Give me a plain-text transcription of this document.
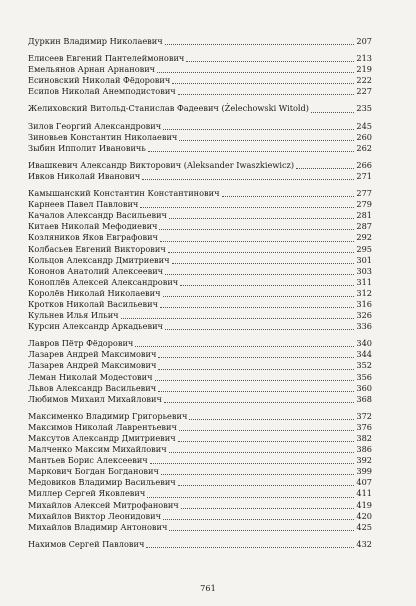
Дуркин Владимир Николаевич	207
Елисеев Евгений Пантелеймонович	213
Емельянов Арнан Арнанович	219
Есиновский Николай Фёдорович	222
Есипов Николай Анемподистович	227
Желиховский Витольд-Станислав Фадеевич (Żelechowski Witold)	235
Зилов Георгий Александрович	245
Зиновьев Константин Николаевич	260
Зыбин Ипполит Ивановичь	262
Ивашкевич Александр Викторович (Aleksander Iwaszkiewicz)	266
Ивков Николай Иванович	271
Камышанский Константин Константинович	277
Карнеев Павел Павлович	279
Качалов Александр Васильевич	281
Китаев Николай Мефодиевич	287
Козляников Яков Евграфович	292
Колбасьев Евгений Викторович	295
Кольцов Александр Дмитриевич	301
Кононов Анатолий Алексеевич	303
Коноплёв Алексей Александрович	311
Королёв Николай Николаевич	312
Кротков Николай Васильевич	316
Кульнев Илья Ильич	326
Курсин Александр Аркадьевич	336
Лавров Пётр Фёдорович	340
Лазарев Андрей Максимович	344
Лазарев Андрей Максимович	352
Леман Николай Модестович	356
Львов Александр Васильевич	360
Любимов Михаил Михайлович	368
Максименко Владимир Григорьевич	372
Максимов Николай Лаврентьевич	376
Максутов Александр Дмитриевич	382
Малченко Максим Михайлович	386
Мантьев Борис Алексеевич	392
Маркович Богдан Богданович	399
Медовиков Владимир Васильевич	407
Миллер Сергей Яковлевич	411
Михайлов Алексей Митрофанович	419
Михайлов Виктор Леонидович	420
Михайлов Владимир Антонович	425
Нахимов Сергей Павлович	432
761
